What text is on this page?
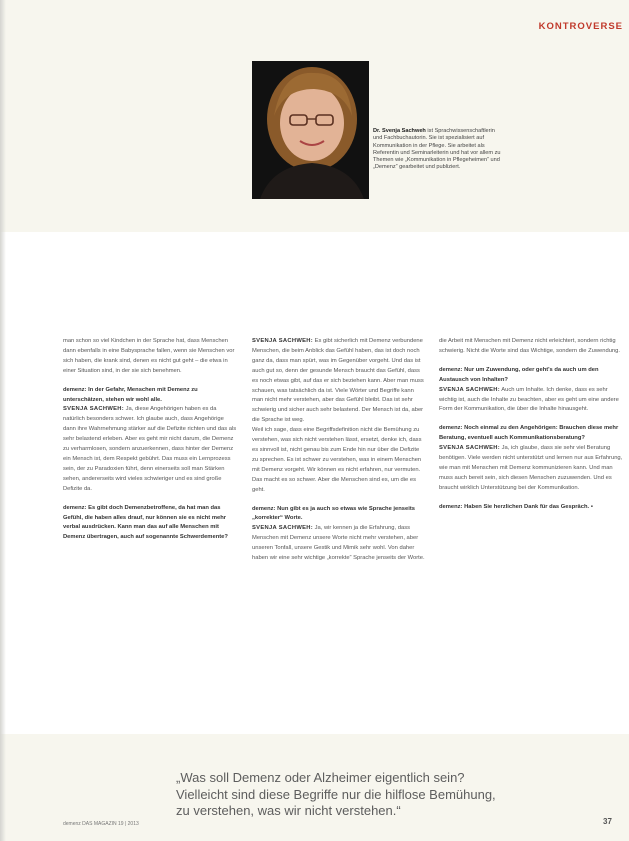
KONTROVERSE
Dr. Svenja Sachweh ist Sprachwissenschaftlerin und Fachbuchautorin. Sie ist spezialisiert auf Kommunikation in der Pflege. Sie arbeitet als Referentin und Seminarleiterin und hat vor allem zu Themen wie „Kommunikation in Pflegeheimen“ und „Demenz“ gearbeitet und publiziert.

man schon so viel Kindchen in der Sprache hat, dass Menschen dann ebenfalls in eine Babysprache fallen, wenn sie Menschen vor sich haben, die krank sind, denen es nicht gut geht – die etwa in einer Situation sind, in der sie sich benehmen.

demenz: In der Gefahr, Menschen mit Demenz zu unterschätzen, stehen wir wohl alle.

SVENJA SACHWEH: Ja, diese Angehörigen haben es da natürlich besonders schwer. Ich glaube auch, dass Angehörige dann ihre Wahrnehmung stärker auf die Defizite richten und das als sehr belastend erleben. Aber es geht mir nicht darum, die Demenz zu verharmlosen, sondern anzuerkennen, dass hinter der Demenz ein Mensch ist, dem Respekt gebührt. Das muss ein Lernprozess sein, der zu Paradoxien führt, denn einerseits soll man Stärken sehen, andererseits wird vieles schwieriger und es sind große Defizite da.

demenz: Es gibt doch Demenzbetroffene, da hat man das Gefühl, die haben alles drauf, nur können sie es nicht mehr verbal ausdrücken. Kann man das auf alle Menschen mit Demenz übertragen, auch auf sogenannte Schwerdemente?

SVENJA SACHWEH: Es gibt sicherlich mit Demenz verbundene Menschen, die beim Anblick das Gefühl haben, das ist doch noch ganz da, dass man spürt, was im Gegenüber vorgeht. Und das ist auch gut so, denn der gesunde Mensch braucht das Gefühl, dass es noch etwas gibt, auf das er sich beziehen kann. Aber man muss schauen, was tatsächlich da ist. Viele Wörter und Begriffe kann man nicht mehr verstehen, aber das Gefühl bleibt. Das ist sehr schwierig und sicher auch sehr belastend. Der Mensch ist da, aber die Sprache ist weg.

Weil ich sage, dass eine Begriffsdefinition nicht die Bemühung zu verstehen, was sich nicht verstehen lässt, ersetzt, denke ich, dass es sinnvoll ist, nicht genau bis zum Ende hin nur über die Defizite zu sprechen. Es ist schwer zu verstehen, was in einem Menschen mit Demenz vorgeht. Wir können es nicht erfahren, nur vermuten. Das macht es so schwer. Aber die Menschen sind es, um die es geht.

demenz: Nun gibt es ja auch so etwas wie Sprache jenseits „korrekter“ Worte.

SVENJA SACHWEH: Ja, wir kennen ja die Erfahrung, dass Menschen mit Demenz unsere Worte nicht mehr verstehen, aber unseren Tonfall, unsere Gestik und Mimik sehr wohl. Von daher haben wir eine sehr wichtige „korrekte“ Sprache jenseits der Worte.

die Arbeit mit Menschen mit Demenz nicht erleichtert, sondern richtig schwierig. Nicht die Worte sind das Wichtige, sondern die Zuwendung.

demenz: Nur um Zuwendung, oder geht's da auch um den Austausch von Inhalten?

SVENJA SACHWEH: Auch um Inhalte. Ich denke, dass es sehr wichtig ist, auch die Inhalte zu beachten, aber es geht um eine andere Form der Kommunikation, die über die Inhalte hinausgeht.

demenz: Noch einmal zu den Angehörigen: Brauchen diese mehr Beratung, eventuell auch Kommunikationsberatung?

SVENJA SACHWEH: Ja, ich glaube, dass sie sehr viel Beratung benötigen. Viele werden nicht unterstützt und lernen nur aus Erfahrung, wie man mit Menschen mit Demenz kommunizieren kann. Und man muss auch bereit sein, sich diesen Menschen zuzuwenden. Und es braucht wirklich Unterstützung bei der Kommunikation.

demenz: Haben Sie herzlichen Dank für das Gespräch. ▪

„Was soll Demenz oder Alzheimer eigentlich sein?
Vielleicht sind diese Begriffe nur die hilflose Bemühung,
zu verstehen, was wir nicht verstehen.“
demenz DAS MAGAZIN 19 | 2013	37
